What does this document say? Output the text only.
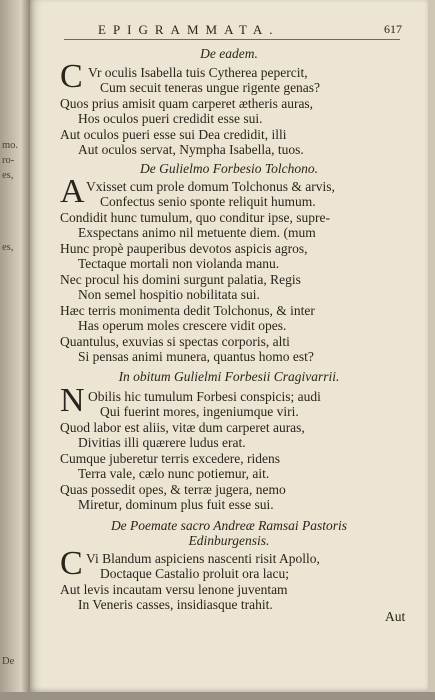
mo.
ro-
es,
es,
De
EPIGRAMMATA.	617
De eadem.
C Vr oculis Isabella tuis Cytherea pepercit,
Cum secuit teneras ungue rigente genas?
Quos prius amisit quam carperet ætheris auras,
Hos oculos pueri credidit esse sui.
Aut oculos pueri esse sui Dea credidit, illi
Aut oculos servat, Nympha Isabella, tuos.
De Gulielmo Forbesio Tolchono.
A Vxisset cum prole domum Tolchonus & arvis,
Confectus senio sponte reliquit humum.
Condidit hunc tumulum, quo conditur ipse, supre-
Exspectans animo nil metuente diem. (mum
Hunc propè pauperibus devotos aspicis agros,
Tectaque mortali non violanda manu.
Nec procul his domini surgunt palatia, Regis
Non semel hospitio nobilitata sui.
Hæc terris monimenta dedit Tolchonus, & inter
Has operum moles crescere vidit opes.
Quantulus, exuvias si spectas corporis, alti
Si pensas animi munera, quantus homo est?
In obitum Gulielmi Forbesii Cragivarrii.
N Obilis hic tumulum Forbesi conspicis; audi
Qui fuerint mores, ingeniumque viri.
Quod labor est aliis, vitæ dum carperet auras,
Divitias illi quærere ludus erat.
Cumque juberetur terris excedere, ridens
Terra vale, cælo nunc potiemur, ait.
Quas possedit opes, & terræ jugera, nemo
Miretur, dominum plus fuit esse sui.
De Poemate sacro Andreæ Ramsai Pastoris
Edinburgensis.
C Vi Blandum aspiciens nascenti risit Apollo,
Doctaque Castalio proluit ora lacu;
Aut levis incautam versu lenone juventam
In Veneris casses, insidiasque trahit.
Aut
